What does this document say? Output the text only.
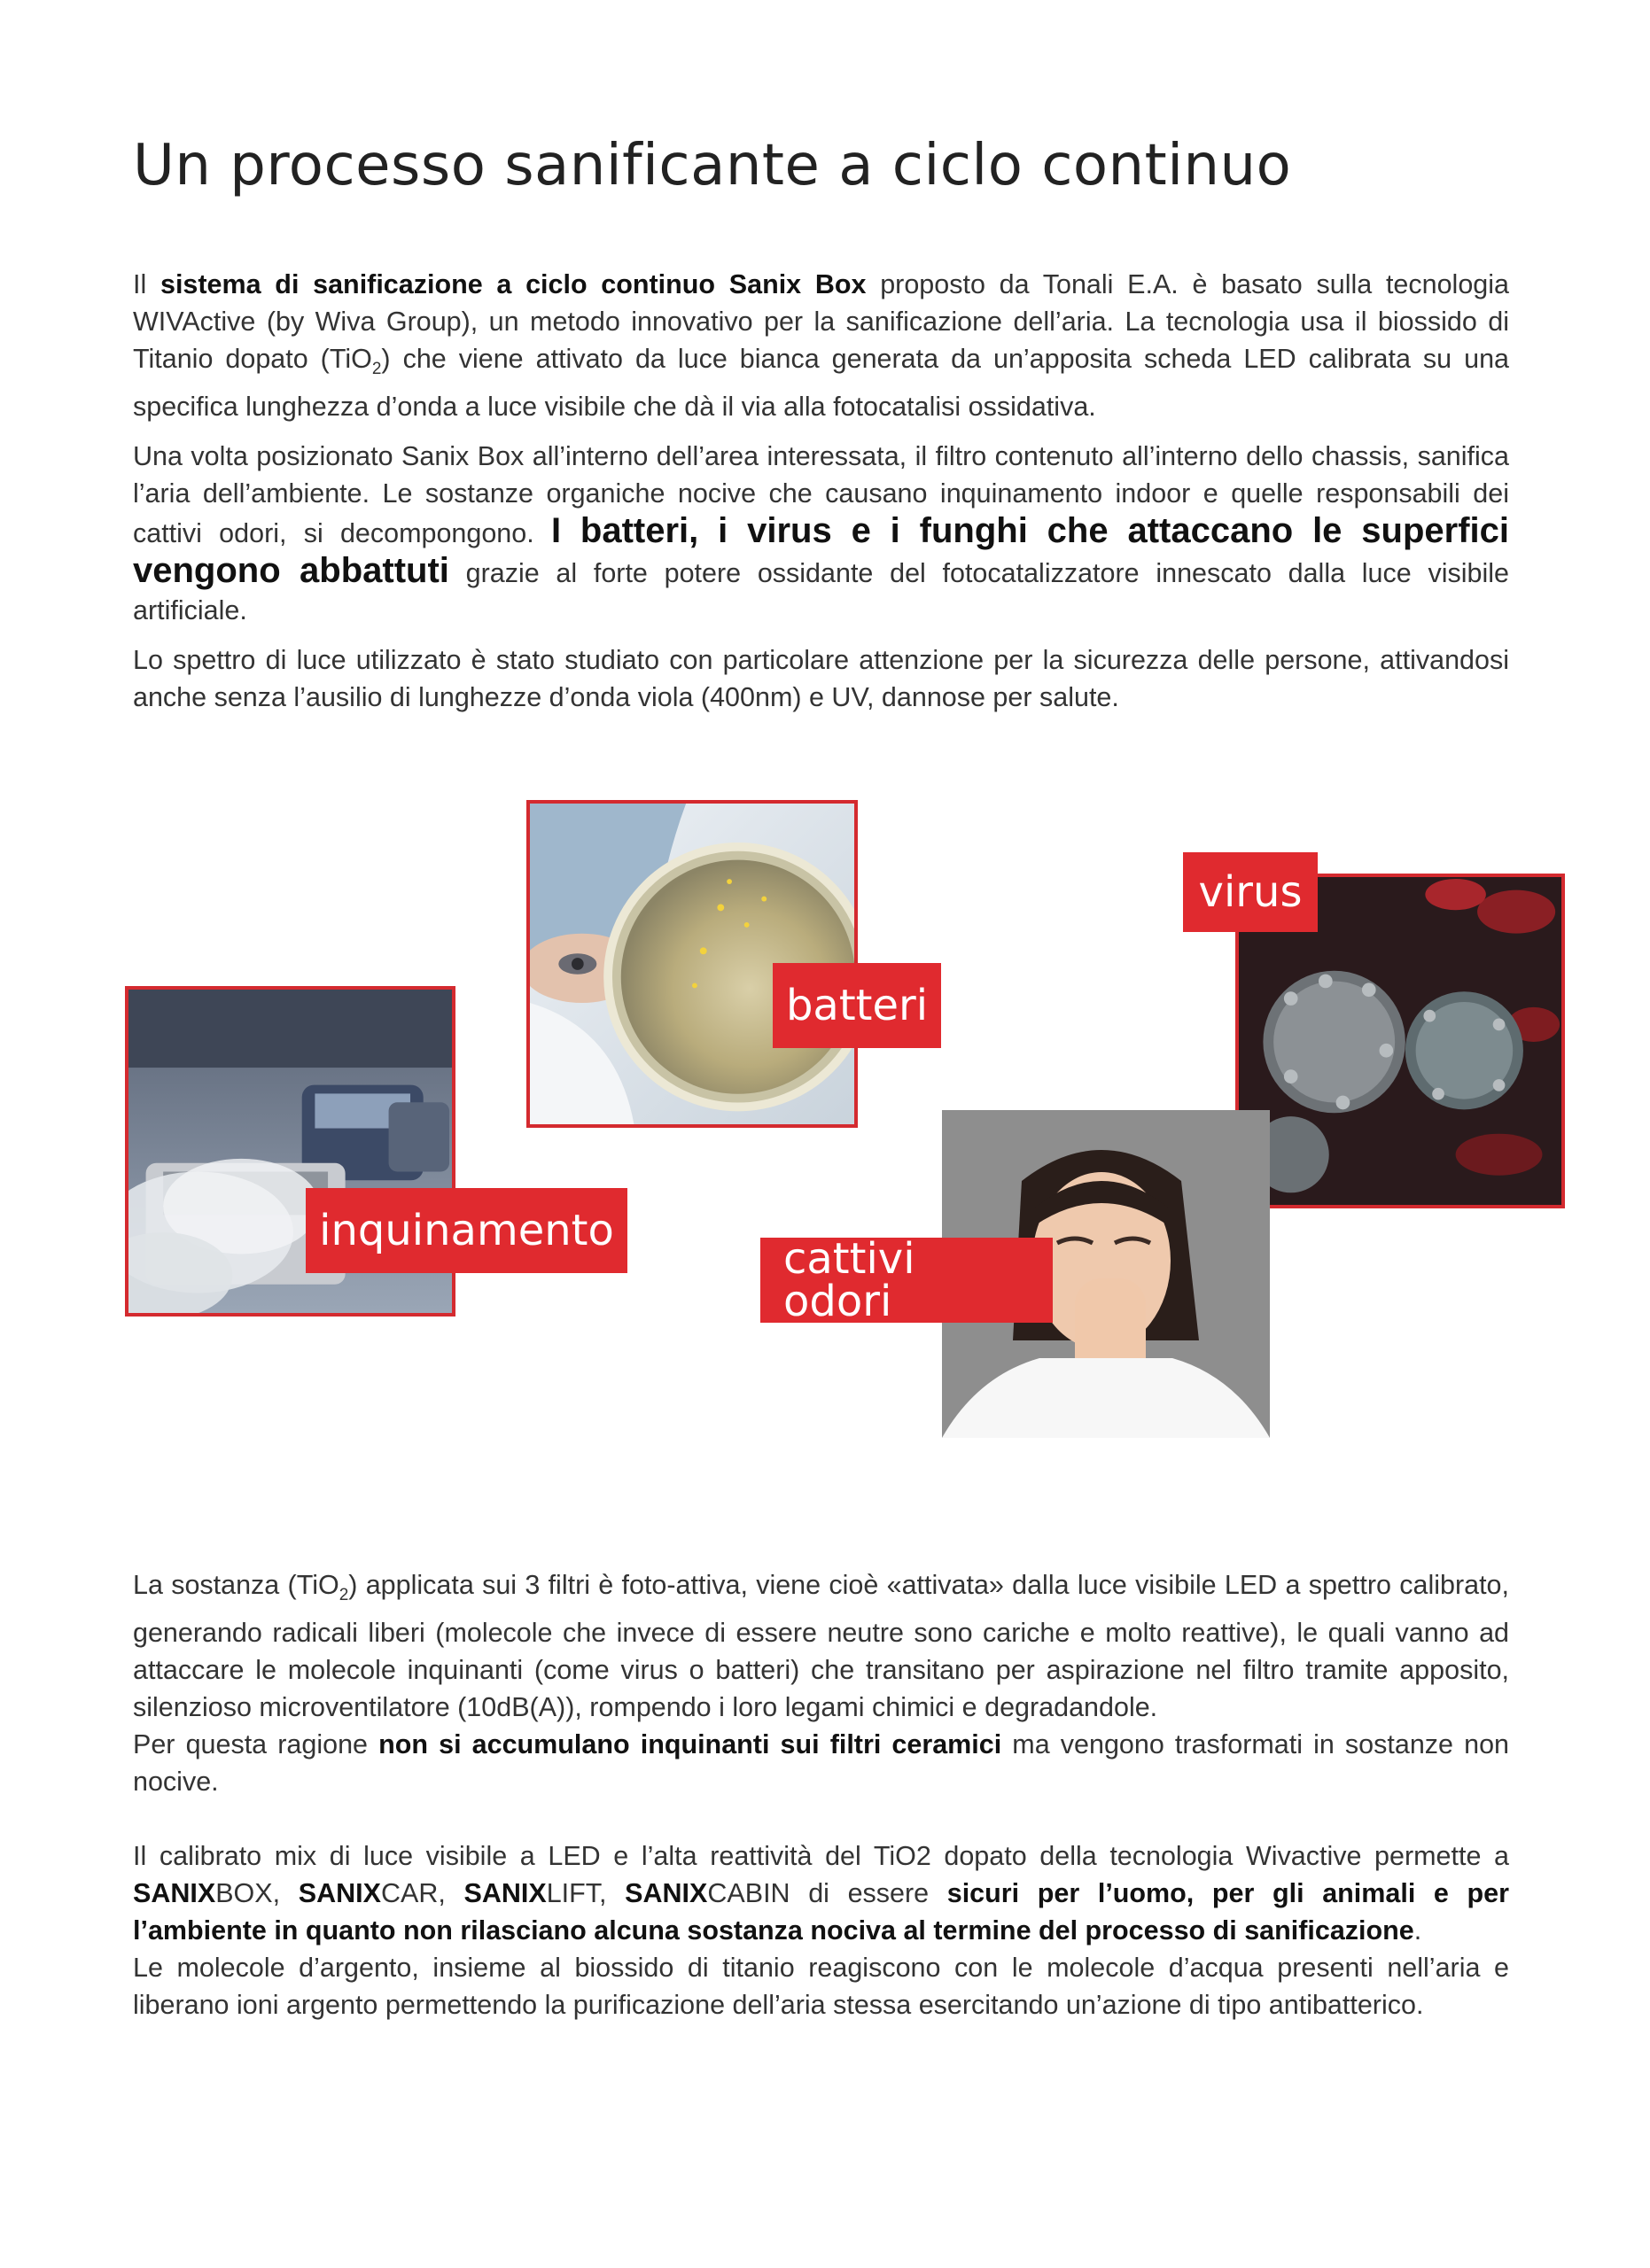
Un processo sanificante a ciclo continuo

Il sistema di sanificazione a ciclo continuo Sanix Box proposto da Tonali E.A. è basato sulla tecnologia WIVActive (by Wiva Group), un metodo innovativo per la sanificazione dell’aria. La tecnologia usa il biossido di Titanio dopato (TiO$_2$) che viene attivato da luce bianca generata da un’apposita scheda LED calibrata su una specifica lunghezza d’onda a luce visibile che dà il via alla fotocatalisi ossidativa.

Una volta posizionato Sanix Box all’interno dell’area interessata, il filtro contenuto all’interno dello chassis, sanifica l’aria dell’ambiente. Le sostanze organiche nocive che causano inquinamento indoor e quelle responsabili dei cattivi odori, si decompongono. I batteri, i virus e i funghi che attaccano le superfici vengono abbattuti grazie al forte potere ossidante del fotocatalizzatore innescato dalla luce visibile artificiale.

Lo spettro di luce utilizzato è stato studiato con particolare attenzione per la sicurezza delle persone, attivandosi anche senza l’ausilio di lunghezze d’onda viola (400nm) e UV, dannose per salute.

batteri
virus
inquinamento
cattivi odori

La sostanza (TiO$_2$) applicata sui 3 filtri è foto-attiva, viene cioè «attivata» dalla luce visibile LED a spettro calibrato, generando radicali liberi (molecole che invece di essere neutre sono cariche e molto reattive), le quali vanno ad attaccare le molecole inquinanti (come virus o batteri) che transitano per aspirazione nel filtro tramite apposito, silenzioso microventilatore (10dB(A)), rompendo i loro legami chimici e degradandole.
Per questa ragione non si accumulano inquinanti sui filtri ceramici ma vengono trasformati in sostanze non nocive.

Il calibrato mix di luce visibile a LED e l’alta reattività del TiO2 dopato della tecnologia Wivactive permette a SANIXBOX, SANIXCAR, SANIXLIFT, SANIXCABIN di essere sicuri per l’uomo, per gli animali e per l’ambiente in quanto non rilasciano alcuna sostanza nociva al termine del processo di sanificazione.
Le molecole d’argento, insieme al biossido di titanio reagiscono con le molecole d’acqua presenti nell’aria e liberano ioni argento permettendo la purificazione dell’aria stessa esercitando un’azione di tipo antibatterico.
